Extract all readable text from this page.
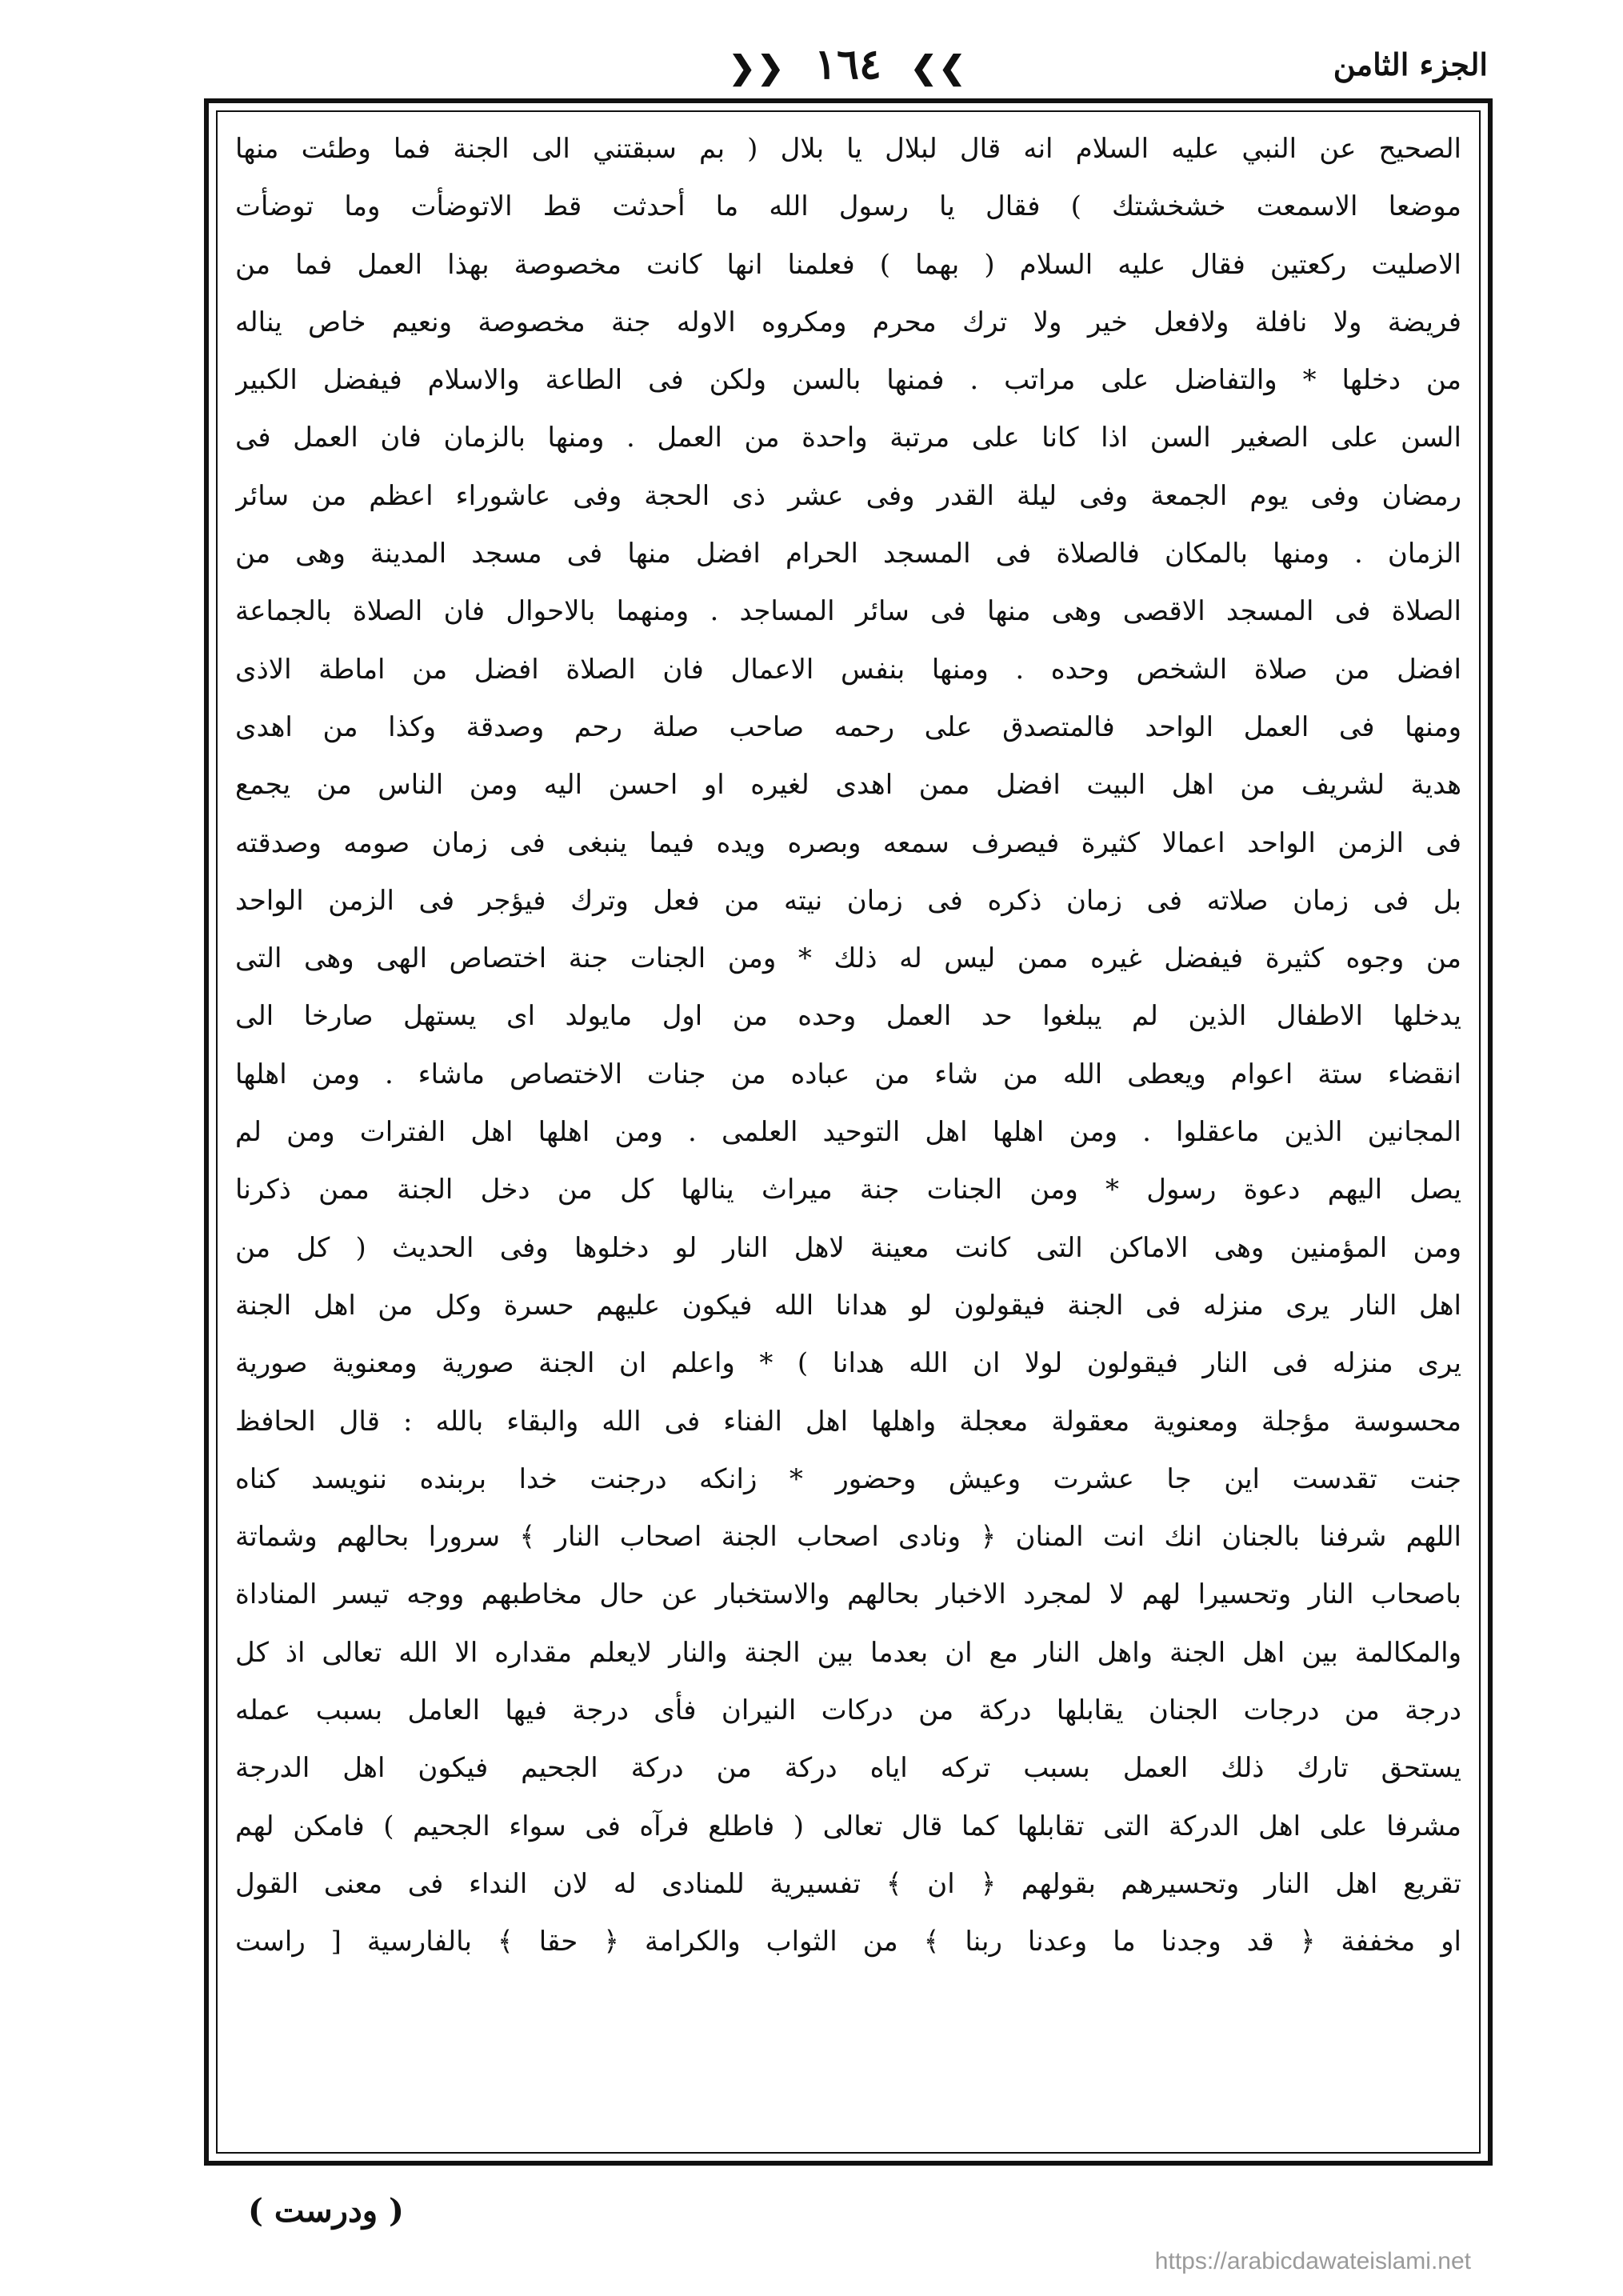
الجزء الثامن
❯❯ ١٦٤ ❮❮
الصحيح عن النبي عليه السلام انه قال لبلال يا بلال ( بم سبقتني الى الجنة فما وطئت منها
موضعا الاسمعت خشخشتك ) فقال يا رسول الله ما أحدثت قط الاتوضأت وما توضأت
الاصليت ركعتين فقال عليه السلام ( بهما ) فعلمنا انها كانت مخصوصة بهذا العمل فما من
فريضة ولا نافلة ولافعل خير ولا ترك محرم ومكروه الاوله جنة مخصوصة ونعيم خاص يناله
من دخلها * والتفاضل على مراتب . فمنها بالسن ولكن فى الطاعة والاسلام فيفضل الكبير
السن على الصغير السن اذا كانا على مرتبة واحدة من العمل . ومنها بالزمان فان العمل فى
رمضان وفى يوم الجمعة وفى ليلة القدر وفى عشر ذى الحجة وفى عاشوراء اعظم من سائر
الزمان . ومنها بالمكان فالصلاة فى المسجد الحرام افضل منها فى مسجد المدينة وهى من
الصلاة فى المسجد الاقصى وهى منها فى سائر المساجد . ومنهما بالاحوال فان الصلاة بالجماعة
افضل من صلاة الشخص وحده . ومنها بنفس الاعمال فان الصلاة افضل من اماطة الاذى
ومنها فى العمل الواحد فالمتصدق على رحمه صاحب صلة رحم وصدقة وكذا من اهدى
هدية لشريف من اهل البيت افضل ممن اهدى لغيره او احسن اليه ومن الناس من يجمع
فى الزمن الواحد اعمالا كثيرة فيصرف سمعه وبصره ويده فيما ينبغى فى زمان صومه وصدقته
بل فى زمان صلاته فى زمان ذكره فى زمان نيته من فعل وترك فيؤجر فى الزمن الواحد
من وجوه كثيرة فيفضل غيره ممن ليس له ذلك * ومن الجنات جنة اختصاص الهى وهى التى
يدخلها الاطفال الذين لم يبلغوا حد العمل وحده من اول مايولد اى يستهل صارخا الى
انقضاء ستة اعوام ويعطى الله من شاء من عباده من جنات الاختصاص ماشاء . ومن اهلها
المجانين الذين ماعقلوا . ومن اهلها اهل التوحيد العلمى . ومن اهلها اهل الفترات ومن لم
يصل اليهم دعوة رسول * ومن الجنات جنة ميراث ينالها كل من دخل الجنة ممن ذكرنا
ومن المؤمنين وهى الاماكن التى كانت معينة لاهل النار لو دخلوها وفى الحديث ( كل من
اهل النار يرى منزله فى الجنة فيقولون لو هدانا الله فيكون عليهم حسرة وكل من اهل الجنة
يرى منزله فى النار فيقولون لولا ان الله هدانا ) * واعلم ان الجنة صورية ومعنوية صورية
محسوسة مؤجلة ومعنوية معقولة معجلة واهلها اهل الفناء فى الله والبقاء بالله : قال الحافظ
جنت تقدست اين جا عشرت وعيش وحضور * زانكه درجنت خدا بربنده ننويسد كناه
اللهم شرفنا بالجنان انك انت المنان ﴿ ونادى اصحاب الجنة اصحاب النار ﴾ سرورا بحالهم وشماتة
باصحاب النار وتحسيرا لهم لا لمجرد الاخبار بحالهم والاستخبار عن حال مخاطبهم ووجه تيسر المناداة
والمكالمة بين اهل الجنة واهل النار مع ان بعدما بين الجنة والنار لايعلم مقداره الا الله تعالى اذ كل
درجة من درجات الجنان يقابلها دركة من دركات النيران فأى درجة فيها العامل بسبب عمله
يستحق تارك ذلك العمل بسبب تركه اياه دركة من دركة الجحيم فيكون اهل الدرجة
مشرفا على اهل الدركة التى تقابلها كما قال تعالى ( فاطلع فرآه فى سواء الجحيم ) فامكن لهم
تقريع اهل النار وتحسيرهم بقولهم ﴿ ان ﴾ تفسيرية للمنادى له لان النداء فى معنى القول
او مخففة ﴿ قد وجدنا ما وعدنا ربنا ﴾ من الثواب والكرامة ﴿ حقا ﴾ بالفارسية [ راست
( ودرست )
https://arabicdawateislami.net
